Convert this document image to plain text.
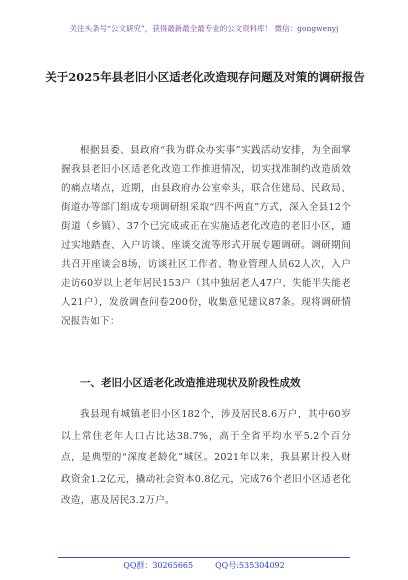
关注头条号“公文研究”，获得最新最全最专业的公文资料库！ 微信：gongwenyj
关于2025年县老旧小区适老化改造现存问题及对策的调研报告
根据县委、县政府“我为群众办实事”实践活动安排，为全面掌握我县老旧小区适老化改造工作推进情况，切实找准制约改造质效的痛点堵点，近期，由县政府办公室牵头，联合住建局、民政局、街道办等部门组成专项调研组采取“四不两直”方式，深入全县12个街道（乡镇）、37个已完成或正在实施适老化改造的老旧小区，通过实地踏查、入户访谈、座谈交流等形式开展专题调研。调研期间共召开座谈会8场，访谈社区工作者、物业管理人员62人次，入户走访60岁以上老年居民153户（其中独居老人47户、失能半失能老人21户），发放调查问卷200份，收集意见建议87条。现将调研情况报告如下：
一、老旧小区适老化改造推进现状及阶段性成效
我县现有城镇老旧小区182个，涉及居民8.6万户，其中60岁以上常住老年人口占比达38.7%，高于全省平均水平5.2个百分点，是典型的“深度老龄化”城区。2021年以来，我县累计投入财政资金1.2亿元，撬动社会资本0.8亿元，完成76个老旧小区适老化改造，惠及居民3.2万户。
QQ群：30265665	QQ号:535304092
